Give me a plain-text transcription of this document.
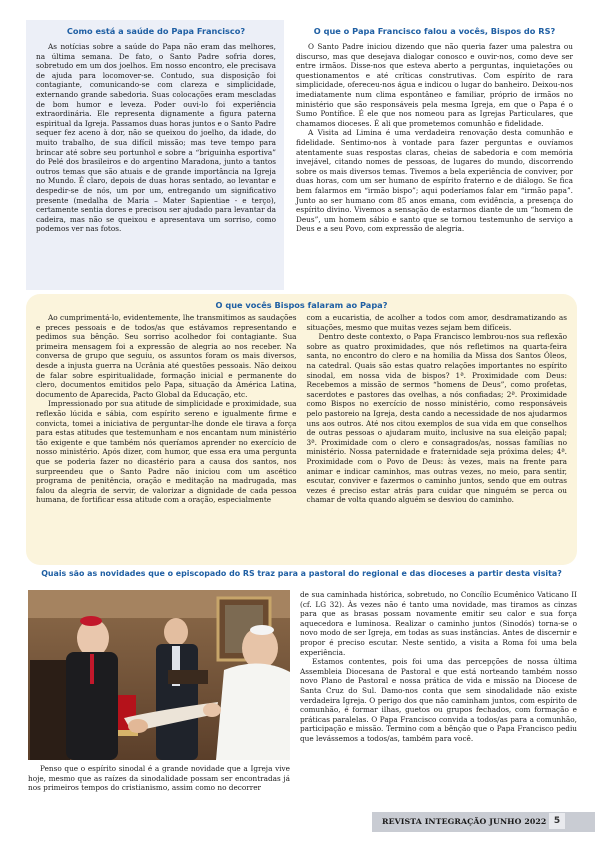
Como está a saúde do Papa Francisco?

As notícias sobre a saúde do Papa não eram das melhores, na última semana. De fato, o Santo Padre sofria dores, sobretudo em um dos joelhos. Em nosso encontro, ele precisava de ajuda para locomover-se. Contudo, sua disposição foi contagiante, comunicando-se com clareza e simplicidade, externando grande sabedoria. Suas colocações eram mescladas de bom humor e leveza. Poder ouvi-lo foi experiência extraordinária. Ele representa dignamente a figura paterna espiritual da Igreja. Passamos duas horas juntos e o Santo Padre sequer fez aceno à dor, não se queixou do joelho, da idade, do muito trabalho, de sua difícil missão; mas teve tempo para brincar até sobre seu portunhol e sobre a “briguinha esportiva” do Pelé dos brasileiros e do argentino Maradona, junto a tantos outros temas que são atuais e de grande importância na Igreja no Mundo. É claro, depois de duas horas sentado, ao levantar e despedir-se de nós, um por um, entregando um significativo presente (medalha de Maria – Mater Sapientiae - e terço), certamente sentia dores e precisou ser ajudado para levantar da cadeira, mas não se queixou e apresentava um sorriso, como podemos ver nas fotos.

O que o Papa Francisco falou a vocês, Bispos do RS?

O Santo Padre iniciou dizendo que não queria fazer uma palestra ou discurso, mas que desejava dialogar conosco e ouvir-nos, como deve ser entre irmãos. Disse-nos que esteva aberto a perguntas, inquietações ou questionamentos e até críticas construtivas. Com espírito de rara simplicidade, ofereceu-nos água e indicou o lugar do banheiro. Deixou-nos imediatamente num clima espontâneo e familiar, próprio de irmãos no ministério que são responsáveis pela mesma Igreja, em que o Papa é o Sumo Pontífice. É ele que nos nomeou para as Igrejas Particulares, que chamamos dioceses. É ali que prometemos comunhão e fidelidade.

A Visita ad Limina é uma verdadeira renovação desta comunhão e fidelidade. Sentimo-nos à vontade para fazer perguntas e ouvíamos atentamente suas respostas claras, cheias de sabedoria e com memória invejável, citando nomes de pessoas, de lugares do mundo, discorrendo sobre os mais diversos temas. Tivemos a bela experiência de conviver, por duas horas, com um ser humano de espírito fraterno e de diálogo. Se fica bem falarmos em “irmão bispo”; aqui poderíamos falar em “irmão papa”. Junto ao ser humano com 85 anos emana, com evidência, a presença do espírito divino. Vivemos a sensação de estarmos diante de um “homem de Deus”, um homem sábio e santo que se tornou testemunho de serviço a Deus e a seu Povo, com expressão de alegria.

O que vocês Bispos falaram ao Papa?

Ao cumprimentá-lo, evidentemente, lhe transmitimos as saudações e preces pessoais e de todos/as que estávamos representando e pedimos sua bênção. Seu sorriso acolhedor foi contagiante. Sua primeira mensagem foi a expressão de alegria ao nos receber. Na conversa de grupo que seguiu, os assuntos foram os mais diversos, desde a injusta guerra na Ucrânia até questões pessoais. Não deixou de falar sobre espiritualidade, formação inicial e permanente do clero, documentos emitidos pelo Papa, situação da América Latina, documento de Aparecida, Pacto Global da Educação, etc.

Impressionado por sua atitude de simplicidade e proximidade, sua reflexão lúcida e sábia, com espírito sereno e igualmente firme e convicta, tomei a iniciativa de perguntar-lhe donde ele tirava a força para estas atitudes que testemunham e nos encantam num ministério tão exigente e que também nós queríamos aprender no exercício de nosso ministério. Após dizer, com humor, que essa era uma pergunta que se poderia fazer no dicastério para a causa dos santos, nos surpreendeu que o Santo Padre não iniciou com um ascético programa de penitência, oração e meditação na madrugada, mas falou da alegria de servir, de valorizar a dignidade de cada pessoa humana, de fortificar essa atitude com a oração, especialmente

com a eucaristia, de acolher a todos com amor, desdramatizando as situações, mesmo que muitas vezes sejam bem difíceis.

Dentro deste contexto, o Papa Francisco lembrou-nos sua reflexão sobre as quatro proximidades, que nós refletimos na quarta-feira santa, no encontro do clero e na homilia da Missa dos Santos Óleos, na catedral. Quais são estas quatro relações importantes no espírito sinodal, em nossa vida de bispos? 1ª. Proximidade com Deus: Recebemos a missão de sermos “homens de Deus”, como profetas, sacerdotes e pastores das ovelhas, a nós confiadas; 2ª. Proximidade como Bispos no exercício de nosso ministério, como responsáveis pelo pastoreio na Igreja, desta cando a necessidade de nos ajudarmos uns aos outros. Até nos citou exemplos de sua vida em que conselhos de outras pessoas o ajudaram muito, inclusive na sua eleição papal; 3ª. Proximidade com o clero e consagrados/as, nossas famílias no ministério. Nossa paternidade e fraternidade seja próxima deles; 4ª. Proximidade com o Povo de Deus: às vezes, mais na frente para animar e indicar caminhos, mas outras vezes, no meio, para sentir, escutar, conviver e fazermos o caminho juntos, sendo que em outras vezes é preciso estar atrás para cuidar que ninguém se perca ou chamar de volta quando alguém se desviou do caminho.

Quais são as novidades que o episcopado do RS traz para a pastoral do regional e das dioceses a partir desta visita?

Penso que o espírito sinodal é a grande novidade que a Igreja vive hoje, mesmo que as raízes da sinodalidade possam ser encontradas já nos primeiros tempos do cristianismo, assim como no decorrer

de sua caminhada histórica, sobretudo, no Concílio Ecumênico Vaticano II (cf. LG 32). Às vezes não é tanto uma novidade, mas tiramos as cinzas para que as brasas possam novamente emitir seu calor e sua força aquecedora e luminosa. Realizar o caminho juntos (Sinodós) torna-se o novo modo de ser Igreja, em todas as suas instâncias. Antes de discernir e propor é preciso escutar. Neste sentido, a visita a Roma foi uma bela experiência.

Estamos contentes, pois foi uma das percepções de nossa última Assembleia Diocesana de Pastoral e que está norteando também nosso novo Plano de Pastoral e nossa prática de vida e missão na Diocese de Santa Cruz do Sul. Damo-nos conta que sem sinodalidade não existe verdadeira Igreja. O perigo dos que não caminham juntos, com espírito de comunhão, é formar ilhas, guetos ou grupos fechados, com formação e práticas paralelas. O Papa Francisco convida a todos/as para a comunhão, participação e missão. Termino com a bênção que o Papa Francisco pediu que levássemos a todos/as, também para você.

REVISTA INTEGRAÇÃO JUNHO 2022 5
